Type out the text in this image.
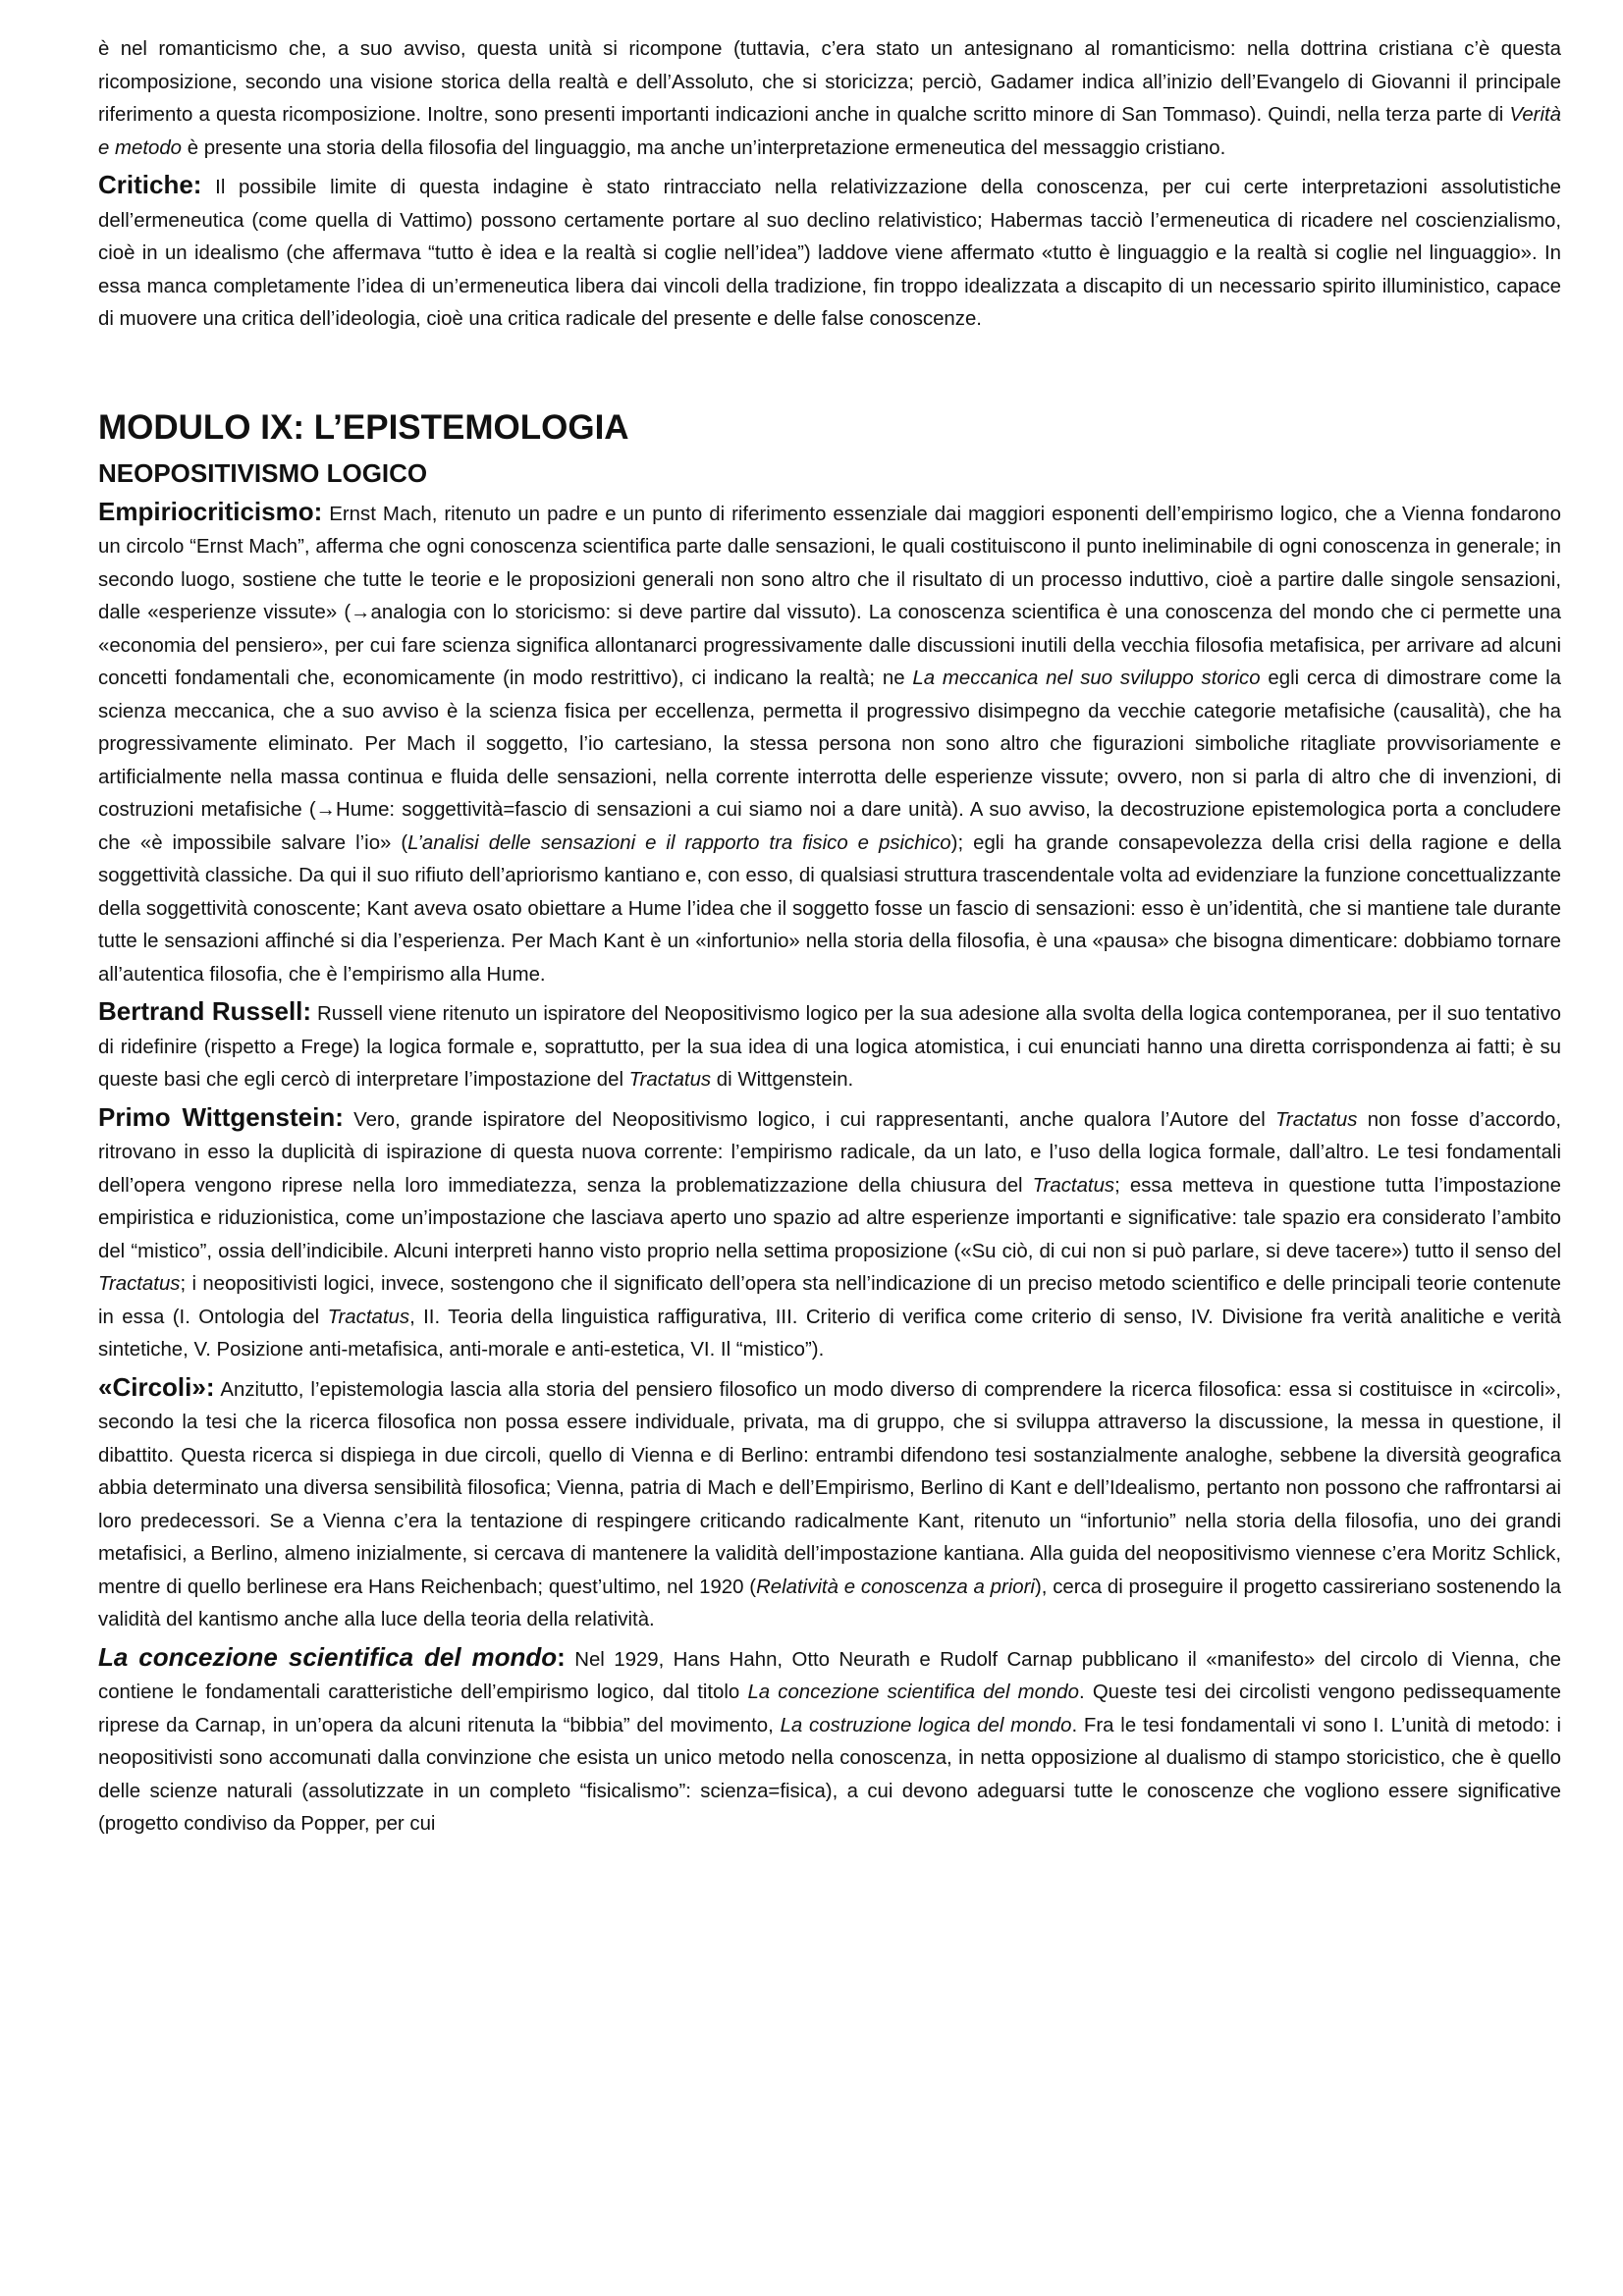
è nel romanticismo che, a suo avviso, questa unità si ricompone (tuttavia, c’era stato un antesignano al romanticismo: nella dottrina cristiana c’è questa ricomposizione, secondo una visione storica della realtà e dell’Assoluto, che si storicizza; perciò, Gadamer indica all’inizio dell’Evangelo di Giovanni il principale riferimento a questa ricomposizione. Inoltre, sono presenti importanti indicazioni anche in qualche scritto minore di San Tommaso). Quindi, nella terza parte di Verità e metodo è presente una storia della filosofia del linguaggio, ma anche un’interpretazione ermeneutica del messaggio cristiano.

Critiche: Il possibile limite di questa indagine è stato rintracciato nella relativizzazione della conoscenza, per cui certe interpretazioni assolutistiche dell’ermeneutica (come quella di Vattimo) possono certamente portare al suo declino relativistico; Habermas tacciò l’ermeneutica di ricadere nel coscienzialismo, cioè in un idealismo (che affermava “tutto è idea e la realtà si coglie nell’idea”) laddove viene affermato «tutto è linguaggio e la realtà si coglie nel linguaggio». In essa manca completamente l’idea di un’ermeneutica libera dai vincoli della tradizione, fin troppo idealizzata a discapito di un necessario spirito illuministico, capace di muovere una critica dell’ideologia, cioè una critica radicale del presente e delle false conoscenze.

MODULO IX: L’EPISTEMOLOGIA
NEOPOSITIVISMO LOGICO

Empiriocriticismo: Ernst Mach, ritenuto un padre e un punto di riferimento essenziale dai maggiori esponenti dell’empirismo logico, che a Vienna fondarono un circolo “Ernst Mach”, afferma che ogni conoscenza scientifica parte dalle sensazioni, le quali costituiscono il punto ineliminabile di ogni conoscenza in generale; in secondo luogo, sostiene che tutte le teorie e le proposizioni generali non sono altro che il risultato di un processo induttivo, cioè a partire dalle singole sensazioni, dalle «esperienze vissute» (→analogia con lo storicismo: si deve partire dal vissuto). La conoscenza scientifica è una conoscenza del mondo che ci permette una «economia del pensiero», per cui fare scienza significa allontanarci progressivamente dalle discussioni inutili della vecchia filosofia metafisica, per arrivare ad alcuni concetti fondamentali che, economicamente (in modo restrittivo), ci indicano la realtà; ne La meccanica nel suo sviluppo storico egli cerca di dimostrare come la scienza meccanica, che a suo avviso è la scienza fisica per eccellenza, permetta il progressivo disimpegno da vecchie categorie metafisiche (causalità), che ha progressivamente eliminato. Per Mach il soggetto, l’io cartesiano, la stessa persona non sono altro che figurazioni simboliche ritagliate provvisoriamente e artificialmente nella massa continua e fluida delle sensazioni, nella corrente interrotta delle esperienze vissute; ovvero, non si parla di altro che di invenzioni, di costruzioni metafisiche (→Hume: soggettività=fascio di sensazioni a cui siamo noi a dare unità). A suo avviso, la decostruzione epistemologica porta a concludere che «è impossibile salvare l’io» (L’analisi delle sensazioni e il rapporto tra fisico e psichico); egli ha grande consapevolezza della crisi della ragione e della soggettività classiche. Da qui il suo rifiuto dell’apriorismo kantiano e, con esso, di qualsiasi struttura trascendentale volta ad evidenziare la funzione concettualizzante della soggettività conoscente; Kant aveva osato obiettare a Hume l’idea che il soggetto fosse un fascio di sensazioni: esso è un’identità, che si mantiene tale durante tutte le sensazioni affinché si dia l’esperienza. Per Mach Kant è un «infortunio» nella storia della filosofia, è una «pausa» che bisogna dimenticare: dobbiamo tornare all’autentica filosofia, che è l’empirismo alla Hume.

Bertrand Russell: Russell viene ritenuto un ispiratore del Neopositivismo logico per la sua adesione alla svolta della logica contemporanea, per il suo tentativo di ridefinire (rispetto a Frege) la logica formale e, soprattutto, per la sua idea di una logica atomistica, i cui enunciati hanno una diretta corrispondenza ai fatti; è su queste basi che egli cercò di interpretare l’impostazione del Tractatus di Wittgenstein.

Primo Wittgenstein: Vero, grande ispiratore del Neopositivismo logico, i cui rappresentanti, anche qualora l’Autore del Tractatus non fosse d’accordo, ritrovano in esso la duplicità di ispirazione di questa nuova corrente: l’empirismo radicale, da un lato, e l’uso della logica formale, dall’altro. Le tesi fondamentali dell’opera vengono riprese nella loro immediatezza, senza la problematizzazione della chiusura del Tractatus; essa metteva in questione tutta l’impostazione empiristica e riduzionistica, come un’impostazione che lasciava aperto uno spazio ad altre esperienze importanti e significative: tale spazio era considerato l’ambito del “mistico”, ossia dell’indicibile. Alcuni interpreti hanno visto proprio nella settima proposizione («Su ciò, di cui non si può parlare, si deve tacere») tutto il senso del Tractatus; i neopositivisti logici, invece, sostengono che il significato dell’opera sta nell’indicazione di un preciso metodo scientifico e delle principali teorie contenute in essa (I. Ontologia del Tractatus, II. Teoria della linguistica raffigurativa, III. Criterio di verifica come criterio di senso, IV. Divisione fra verità analitiche e verità sintetiche, V. Posizione anti-metafisica, anti-morale e anti-estetica, VI. Il “mistico”).

«Circoli»: Anzitutto, l’epistemologia lascia alla storia del pensiero filosofico un modo diverso di comprendere la ricerca filosofica: essa si costituisce in «circoli», secondo la tesi che la ricerca filosofica non possa essere individuale, privata, ma di gruppo, che si sviluppa attraverso la discussione, la messa in questione, il dibattito. Questa ricerca si dispiega in due circoli, quello di Vienna e di Berlino: entrambi difendono tesi sostanzialmente analoghe, sebbene la diversità geografica abbia determinato una diversa sensibilità filosofica; Vienna, patria di Mach e dell’Empirismo, Berlino di Kant e dell’Idealismo, pertanto non possono che raffrontarsi ai loro predecessori. Se a Vienna c’era la tentazione di respingere criticando radicalmente Kant, ritenuto un “infortunio” nella storia della filosofia, uno dei grandi metafisici, a Berlino, almeno inizialmente, si cercava di mantenere la validità dell’impostazione kantiana. Alla guida del neopositivismo viennese c’era Moritz Schlick, mentre di quello berlinese era Hans Reichenbach; quest’ultimo, nel 1920 (Relatività e conoscenza a priori), cerca di proseguire il progetto cassireriano sostenendo la validità del kantismo anche alla luce della teoria della relatività.

La concezione scientifica del mondo: Nel 1929, Hans Hahn, Otto Neurath e Rudolf Carnap pubblicano il «manifesto» del circolo di Vienna, che contiene le fondamentali caratteristiche dell’empirismo logico, dal titolo La concezione scientifica del mondo. Queste tesi dei circolisti vengono pedissequamente riprese da Carnap, in un’opera da alcuni ritenuta la “bibbia” del movimento, La costruzione logica del mondo. Fra le tesi fondamentali vi sono I. L’unità di metodo: i neopositivisti sono accomunati dalla convinzione che esista un unico metodo nella conoscenza, in netta opposizione al dualismo di stampo storicistico, che è quello delle scienze naturali (assolutizzate in un completo “fisicalismo”: scienza=fisica), a cui devono adeguarsi tutte le conoscenze che vogliono essere significative (progetto condiviso da Popper, per cui
